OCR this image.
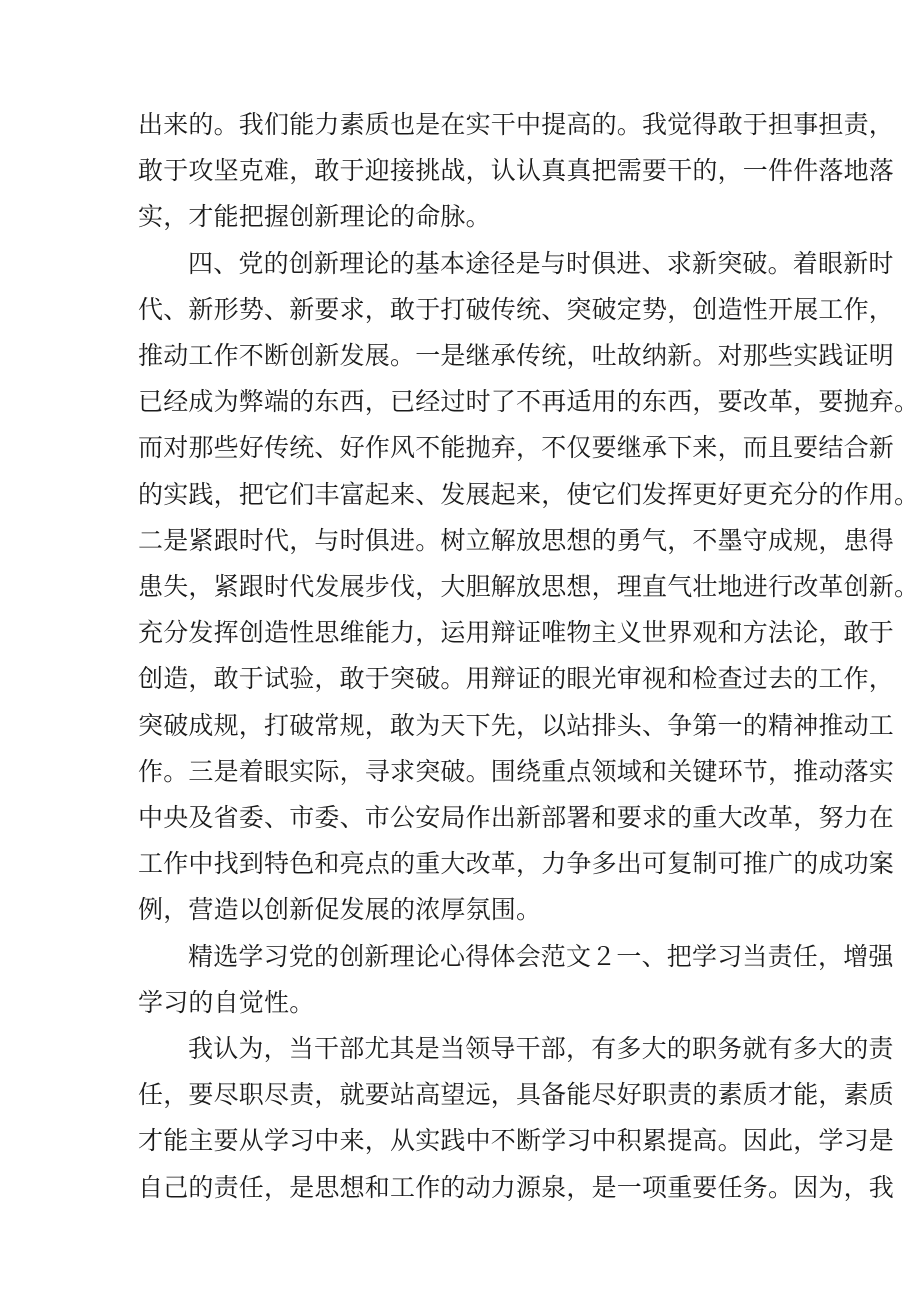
出来的。我们能力素质也是在实干中提高的。我觉得敢于担事担责，
敢于攻坚克难，敢于迎接挑战，认认真真把需要干的，一件件落地落
实，才能把握创新理论的命脉。
四、党的创新理论的基本途径是与时俱进、求新突破。着眼新时
代、新形势、新要求，敢于打破传统、突破定势，创造性开展工作，
推动工作不断创新发展。一是继承传统，吐故纳新。对那些实践证明
已经成为弊端的东西，已经过时了不再适用的东西，要改革，要抛弃。
而对那些好传统、好作风不能抛弃，不仅要继承下来，而且要结合新
的实践，把它们丰富起来、发展起来，使它们发挥更好更充分的作用。
二是紧跟时代，与时俱进。树立解放思想的勇气，不墨守成规，患得
患失，紧跟时代发展步伐，大胆解放思想，理直气壮地进行改革创新。
充分发挥创造性思维能力，运用辩证唯物主义世界观和方法论，敢于
创造，敢于试验，敢于突破。用辩证的眼光审视和检查过去的工作，
突破成规，打破常规，敢为天下先，以站排头、争第一的精神推动工
作。三是着眼实际，寻求突破。围绕重点领域和关键环节，推动落实
中央及省委、市委、市公安局作出新部署和要求的重大改革，努力在
工作中找到特色和亮点的重大改革，力争多出可复制可推广的成功案
例，营造以创新促发展的浓厚氛围。
精选学习党的创新理论心得体会范文２一、把学习当责任，增强
学习的自觉性。
我认为，当干部尤其是当领导干部，有多大的职务就有多大的责
任，要尽职尽责，就要站高望远，具备能尽好职责的素质才能，素质
才能主要从学习中来，从实践中不断学习中积累提高。因此，学习是
自己的责任，是思想和工作的动力源泉，是一项重要任务。因为，我
